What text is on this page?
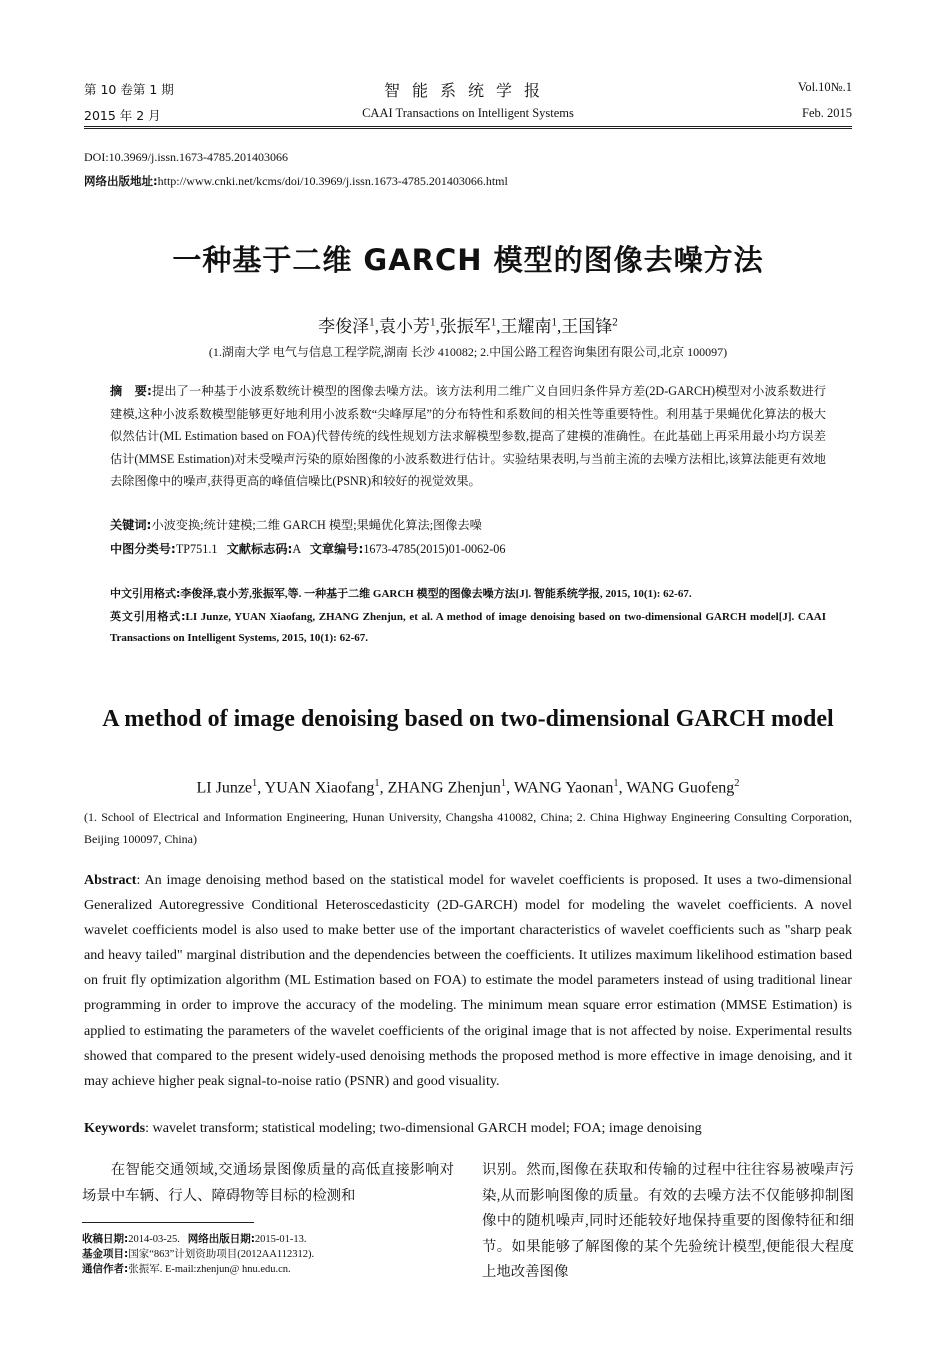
第 10 卷第 1 期	智能系统学报	Vol.10№.1
2015 年 2 月	CAAI Transactions on Intelligent Systems	Feb. 2015
DOI:10.3969/j.issn.1673-4785.201403066
网络出版地址:http://www.cnki.net/kcms/doi/10.3969/j.issn.1673-4785.201403066.html
一种基于二维 GARCH 模型的图像去噪方法
李俊泽$^1$,袁小芳$^1$,张振军$^1$,王耀南$^1$,王国锋$^2$
(1.湖南大学 电气与信息工程学院,湖南 长沙 410082; 2.中国公路工程咨询集团有限公司,北京 100097)
摘　要:提出了一种基于小波系数统计模型的图像去噪方法。该方法利用二维广义自回归条件异方差(2D-GARCH)模型对小波系数进行建模,这种小波系数模型能够更好地利用小波系数“尖峰厚尾”的分布特性和系数间的相关性等重要特性。利用基于果蝇优化算法的极大似然估计(ML Estimation based on FOA)代替传统的线性规划方法求解模型参数,提高了建模的准确性。在此基础上再采用最小均方误差估计(MMSE Estimation)对未受噪声污染的原始图像的小波系数进行估计。实验结果表明,与当前主流的去噪方法相比,该算法能更有效地去除图像中的噪声,获得更高的峰值信噪比(PSNR)和较好的视觉效果。
关键词:小波变换;统计建模;二维 GARCH 模型;果蝇优化算法;图像去噪
中图分类号:TP751.1 文献标志码:A 文章编号:1673-4785(2015)01-0062-06
中文引用格式:李俊泽,袁小芳,张振军,等. 一种基于二维 GARCH 模型的图像去噪方法[J]. 智能系统学报, 2015, 10(1): 62-67.
英文引用格式:LI Junze, YUAN Xiaofang, ZHANG Zhenjun, et al. A method of image denoising based on two-dimensional GARCH model[J]. CAAI Transactions on Intelligent Systems, 2015, 10(1): 62-67.
A method of image denoising based on two-dimensional GARCH model
LI Junze$^1$, YUAN Xiaofang$^1$, ZHANG Zhenjun$^1$, WANG Yaonan$^1$, WANG Guofeng$^2$
(1. School of Electrical and Information Engineering, Hunan University, Changsha 410082, China; 2. China Highway Engineering Consulting Corporation, Beijing 100097, China)
Abstract: An image denoising method based on the statistical model for wavelet coefficients is proposed. It uses a two-dimensional Generalized Autoregressive Conditional Heteroscedasticity (2D-GARCH) model for modeling the wavelet coefficients. A novel wavelet coefficients model is also used to make better use of the important characteristics of wavelet coefficients such as "sharp peak and heavy tailed" marginal distribution and the dependencies between the coefficients. It utilizes maximum likelihood estimation based on fruit fly optimization algorithm (ML Estimation based on FOA) to estimate the model parameters instead of using traditional linear programming in order to improve the accuracy of the modeling. The minimum mean square error estimation (MMSE Estimation) is applied to estimating the parameters of the wavelet coefficients of the original image that is not affected by noise. Experimental results showed that compared to the present widely-used denoising methods the proposed method is more effective in image denoising, and it may achieve higher peak signal-to-noise ratio (PSNR) and good visuality.
Keywords: wavelet transform; statistical modeling; two-dimensional GARCH model; FOA; image denoising
在智能交通领域,交通场景图像质量的高低直接影响对场景中车辆、行人、障碍物等目标的检测和
识别。然而,图像在获取和传输的过程中往往容易被噪声污染,从而影响图像的质量。有效的去噪方法不仅能够抑制图像中的随机噪声,同时还能较好地保持重要的图像特征和细节。如果能够了解图像的某个先验统计模型,便能很大程度上地改善图像
收稿日期:2014-03-25. 网络出版日期:2015-01-13.
基金项目:国家“863”计划资助项目(2012AA112312).
通信作者:张振军. E-mail:zhenjun@ hnu.edu.cn.
